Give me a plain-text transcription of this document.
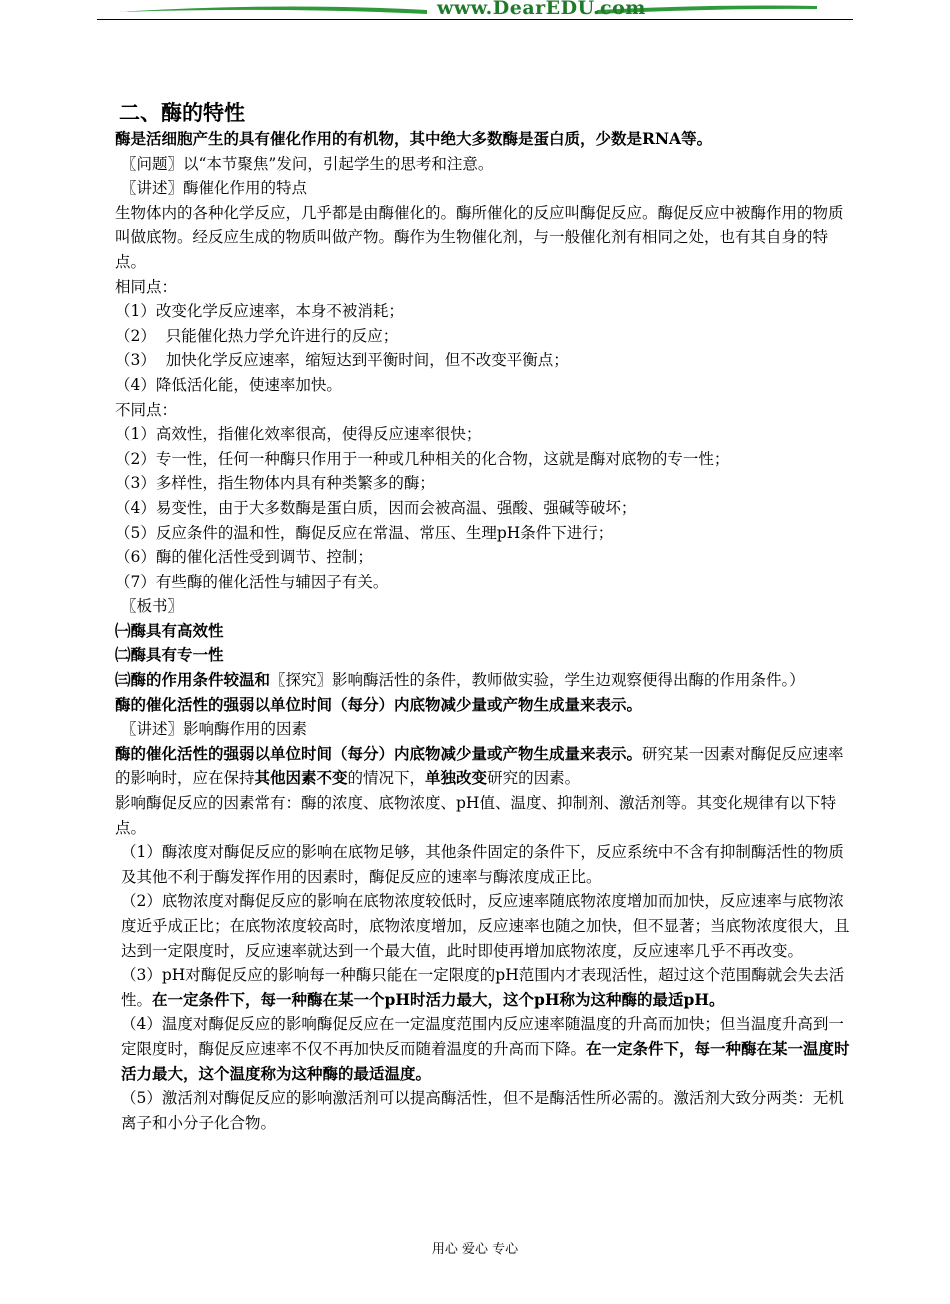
www.DearEDU.com

二、酶的特性

酶是活细胞产生的具有催化作用的有机物，其中绝大多数酶是蛋白质，少数是RNA等。

〖问题〗以“本节聚焦”发问，引起学生的思考和注意。

〖讲述〗酶催化作用的特点

生物体内的各种化学反应，几乎都是由酶催化的。酶所催化的反应叫酶促反应。酶促反应中被酶作用的物质叫做底物。经反应生成的物质叫做产物。酶作为生物催化剂，与一般催化剂有相同之处，也有其自身的特点。

相同点：

（1）改变化学反应速率，本身不被消耗；

（2）  只能催化热力学允许进行的反应；

（3）  加快化学反应速率，缩短达到平衡时间，但不改变平衡点；

（4）降低活化能，使速率加快。

不同点：

（1）高效性，指催化效率很高，使得反应速率很快；

（2）专一性，任何一种酶只作用于一种或几种相关的化合物，这就是酶对底物的专一性；

（3）多样性，指生物体内具有种类繁多的酶；

（4）易变性，由于大多数酶是蛋白质，因而会被高温、强酸、强碱等破坏；

（5）反应条件的温和性，酶促反应在常温、常压、生理pH条件下进行；

（6）酶的催化活性受到调节、控制；

（7）有些酶的催化活性与辅因子有关。

〖板书〗

㈠酶具有高效性

㈡酶具有专一性

㈢酶的作用条件较温和〖探究〗影响酶活性的条件，教师做实验，学生边观察便得出酶的作用条件。）

酶的催化活性的强弱以单位时间（每分）内底物减少量或产物生成量来表示。

〖讲述〗影响酶作用的因素

酶的催化活性的强弱以单位时间（每分）内底物减少量或产物生成量来表示。研究某一因素对酶促反应速率的影响时，应在保持其他因素不变的情况下，单独改变研究的因素。

影响酶促反应的因素常有：酶的浓度、底物浓度、pH值、温度、抑制剂、激活剂等。其变化规律有以下特点。

（1）酶浓度对酶促反应的影响在底物足够，其他条件固定的条件下，反应系统中不含有抑制酶活性的物质及其他不利于酶发挥作用的因素时，酶促反应的速率与酶浓度成正比。

（2）底物浓度对酶促反应的影响在底物浓度较低时，反应速率随底物浓度增加而加快，反应速率与底物浓度近乎成正比；在底物浓度较高时，底物浓度增加，反应速率也随之加快，但不显著；当底物浓度很大，且达到一定限度时，反应速率就达到一个最大值，此时即使再增加底物浓度，反应速率几乎不再改变。

（3）pH对酶促反应的影响每一种酶只能在一定限度的pH范围内才表现活性，超过这个范围酶就会失去活性。在一定条件下，每一种酶在某一个pH时活力最大，这个pH称为这种酶的最适pH。

（4）温度对酶促反应的影响酶促反应在一定温度范围内反应速率随温度的升高而加快；但当温度升高到一定限度时，酶促反应速率不仅不再加快反而随着温度的升高而下降。在一定条件下，每一种酶在某一温度时活力最大，这个温度称为这种酶的最适温度。

（5）激活剂对酶促反应的影响激活剂可以提高酶活性，但不是酶活性所必需的。激活剂大致分两类：无机离子和小分子化合物。

用心 爱心 专心
